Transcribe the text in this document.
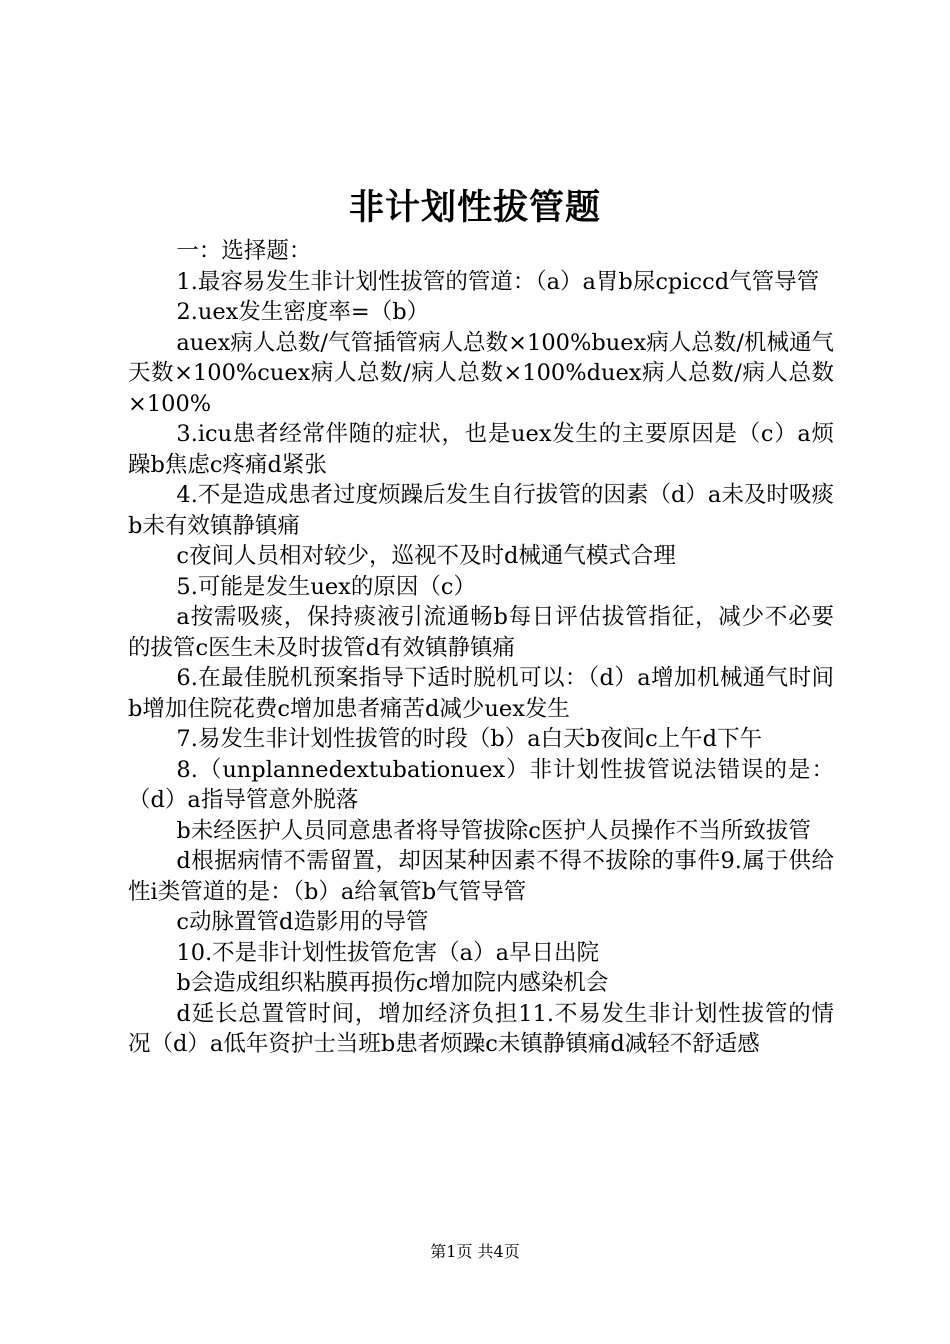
非计划性拔管题

一：选择题：

1.最容易发生非计划性拔管的管道：（a）a胃b尿cpiccd气管导管

2.uex发生密度率=（b）

auex病人总数/气管插管病人总数×100%buex病人总数/机械通气天数×100%cuex病人总数/病人总数×100%duex病人总数/病人总数×100%

3.icu患者经常伴随的症状，也是uex发生的主要原因是（c）a烦躁b焦虑c疼痛d紧张

4.不是造成患者过度烦躁后发生自行拔管的因素（d）a未及时吸痰b未有效镇静镇痛

c夜间人员相对较少，巡视不及时d械通气模式合理

5.可能是发生uex的原因（c）

a按需吸痰，保持痰液引流通畅b每日评估拔管指征，减少不必要的拔管c医生未及时拔管d有效镇静镇痛

6.在最佳脱机预案指导下适时脱机可以：（d）a增加机械通气时间b增加住院花费c增加患者痛苦d减少uex发生

7.易发生非计划性拔管的时段（b）a白天b夜间c上午d下午

8.（unplannedextubationuex）非计划性拔管说法错误的是：（d）a指导管意外脱落

b未经医护人员同意患者将导管拔除c医护人员操作不当所致拔管

d根据病情不需留置，却因某种因素不得不拔除的事件9.属于供给性i类管道的是：（b）a给氧管b气管导管

c动脉置管d造影用的导管

10.不是非计划性拔管危害（a）a早日出院

b会造成组织粘膜再损伤c增加院内感染机会

d延长总置管时间，增加经济负担11.不易发生非计划性拔管的情况（d）a低年资护士当班b患者烦躁c未镇静镇痛d减轻不舒适感

第1页 共4页
